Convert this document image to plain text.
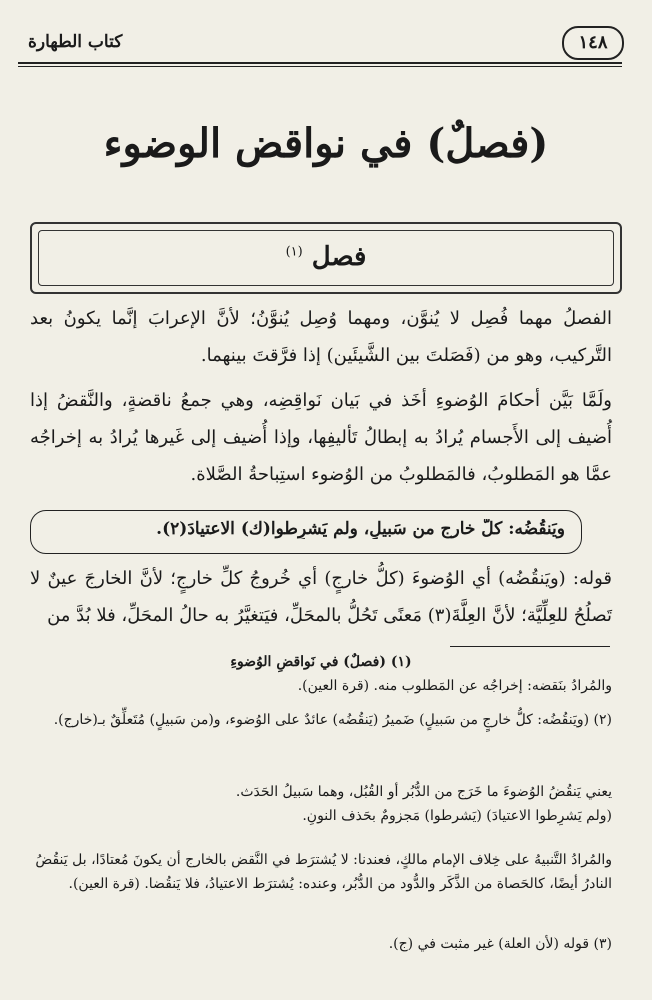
كتاب الطهارة	١٤٨
(فصلٌ) في نواقض الوضوء
فصل $^{(١)}$
الفصلُ مهما فُصِل لا يُنوَّن، ومهما وُصِل يُنوَّنُ؛ لأنَّ الإعرابَ إنَّما يكونُ بعد التَّركيب، وهو من (فَصَلتَ بين الشَّيئَين) إذا فرَّقتَ بينهما.
ولَمَّا بَيَّن أحكامَ الوُضوءِ أخَذ في بَيان نَواقِضِه، وهي جمعُ ناقضةٍ، والنَّقضُ إذا أُضيف إلى الأَجسام يُرادُ به إبطالُ تَأليفِها، وإذا أُضيف إلى غَيرها يُرادُ به إخراجُه عمَّا هو المَطلوبُ، فالمَطلوبُ من الوُضوء استِباحةُ الصَّلاة.
ويَنقُضُه: كلُّ خارجٍ من سَبيلٍ، ولم يَشرِطوا(ك) الاعتيادَ(٢).
قوله: (ويَنقُضُه) أي الوُضوءَ (كلُّ خارجٍ) أي خُروجُ كلِّ خارجٍ؛ لأنَّ الخارجَ عينٌ لا تَصلُحُ للعِلِّيَّة؛ لأنَّ العِلَّةَ(٣) مَعنًى تَحُلُّ بالمحَلِّ، فيَتغيَّرُ به حالُ المحَلِّ، فلا بُدَّ من
(١) (فصلٌ) في نَواقضِ الوُضوءِ
والمُرادُ بنَقضه: إخراجُه عن المَطلوب منه. (قرة العين).
(٢) (ويَنقُضُه: كلُّ خارجٍ من سَبيلٍ) ضَميرُ (يَنقُضُه) عائدٌ على الوُضوء، و(من سَبيلٍ) مُتَعلِّقٌ بـ(خارج).
يعني يَنقُضُ الوُضوءَ ما خَرَج من الدُّبُر أو القُبُل، وهما سَبيلُ الحَدَث.
(ولم يَشرِطوا الاعتيادَ) (يَشرطوا) مَجزومٌ بحَذف النونِ.
والمُرادُ التَّنبيهُ على خِلاف الإمام مالكٍ، فعندنا: لا يُشترَط في النَّقض بالخارج أن يكونَ مُعتادًا، بل يَنقُضُ النادرُ أيضًا، كالحَصاة من الذَّكَر والدُّود من الدُّبُر، وعنده: يُشترَط الاعتيادُ، فلا يَنقُضا. (قرة العين).
(٣) قوله (لأن العلة) غير مثبت في (ج).
